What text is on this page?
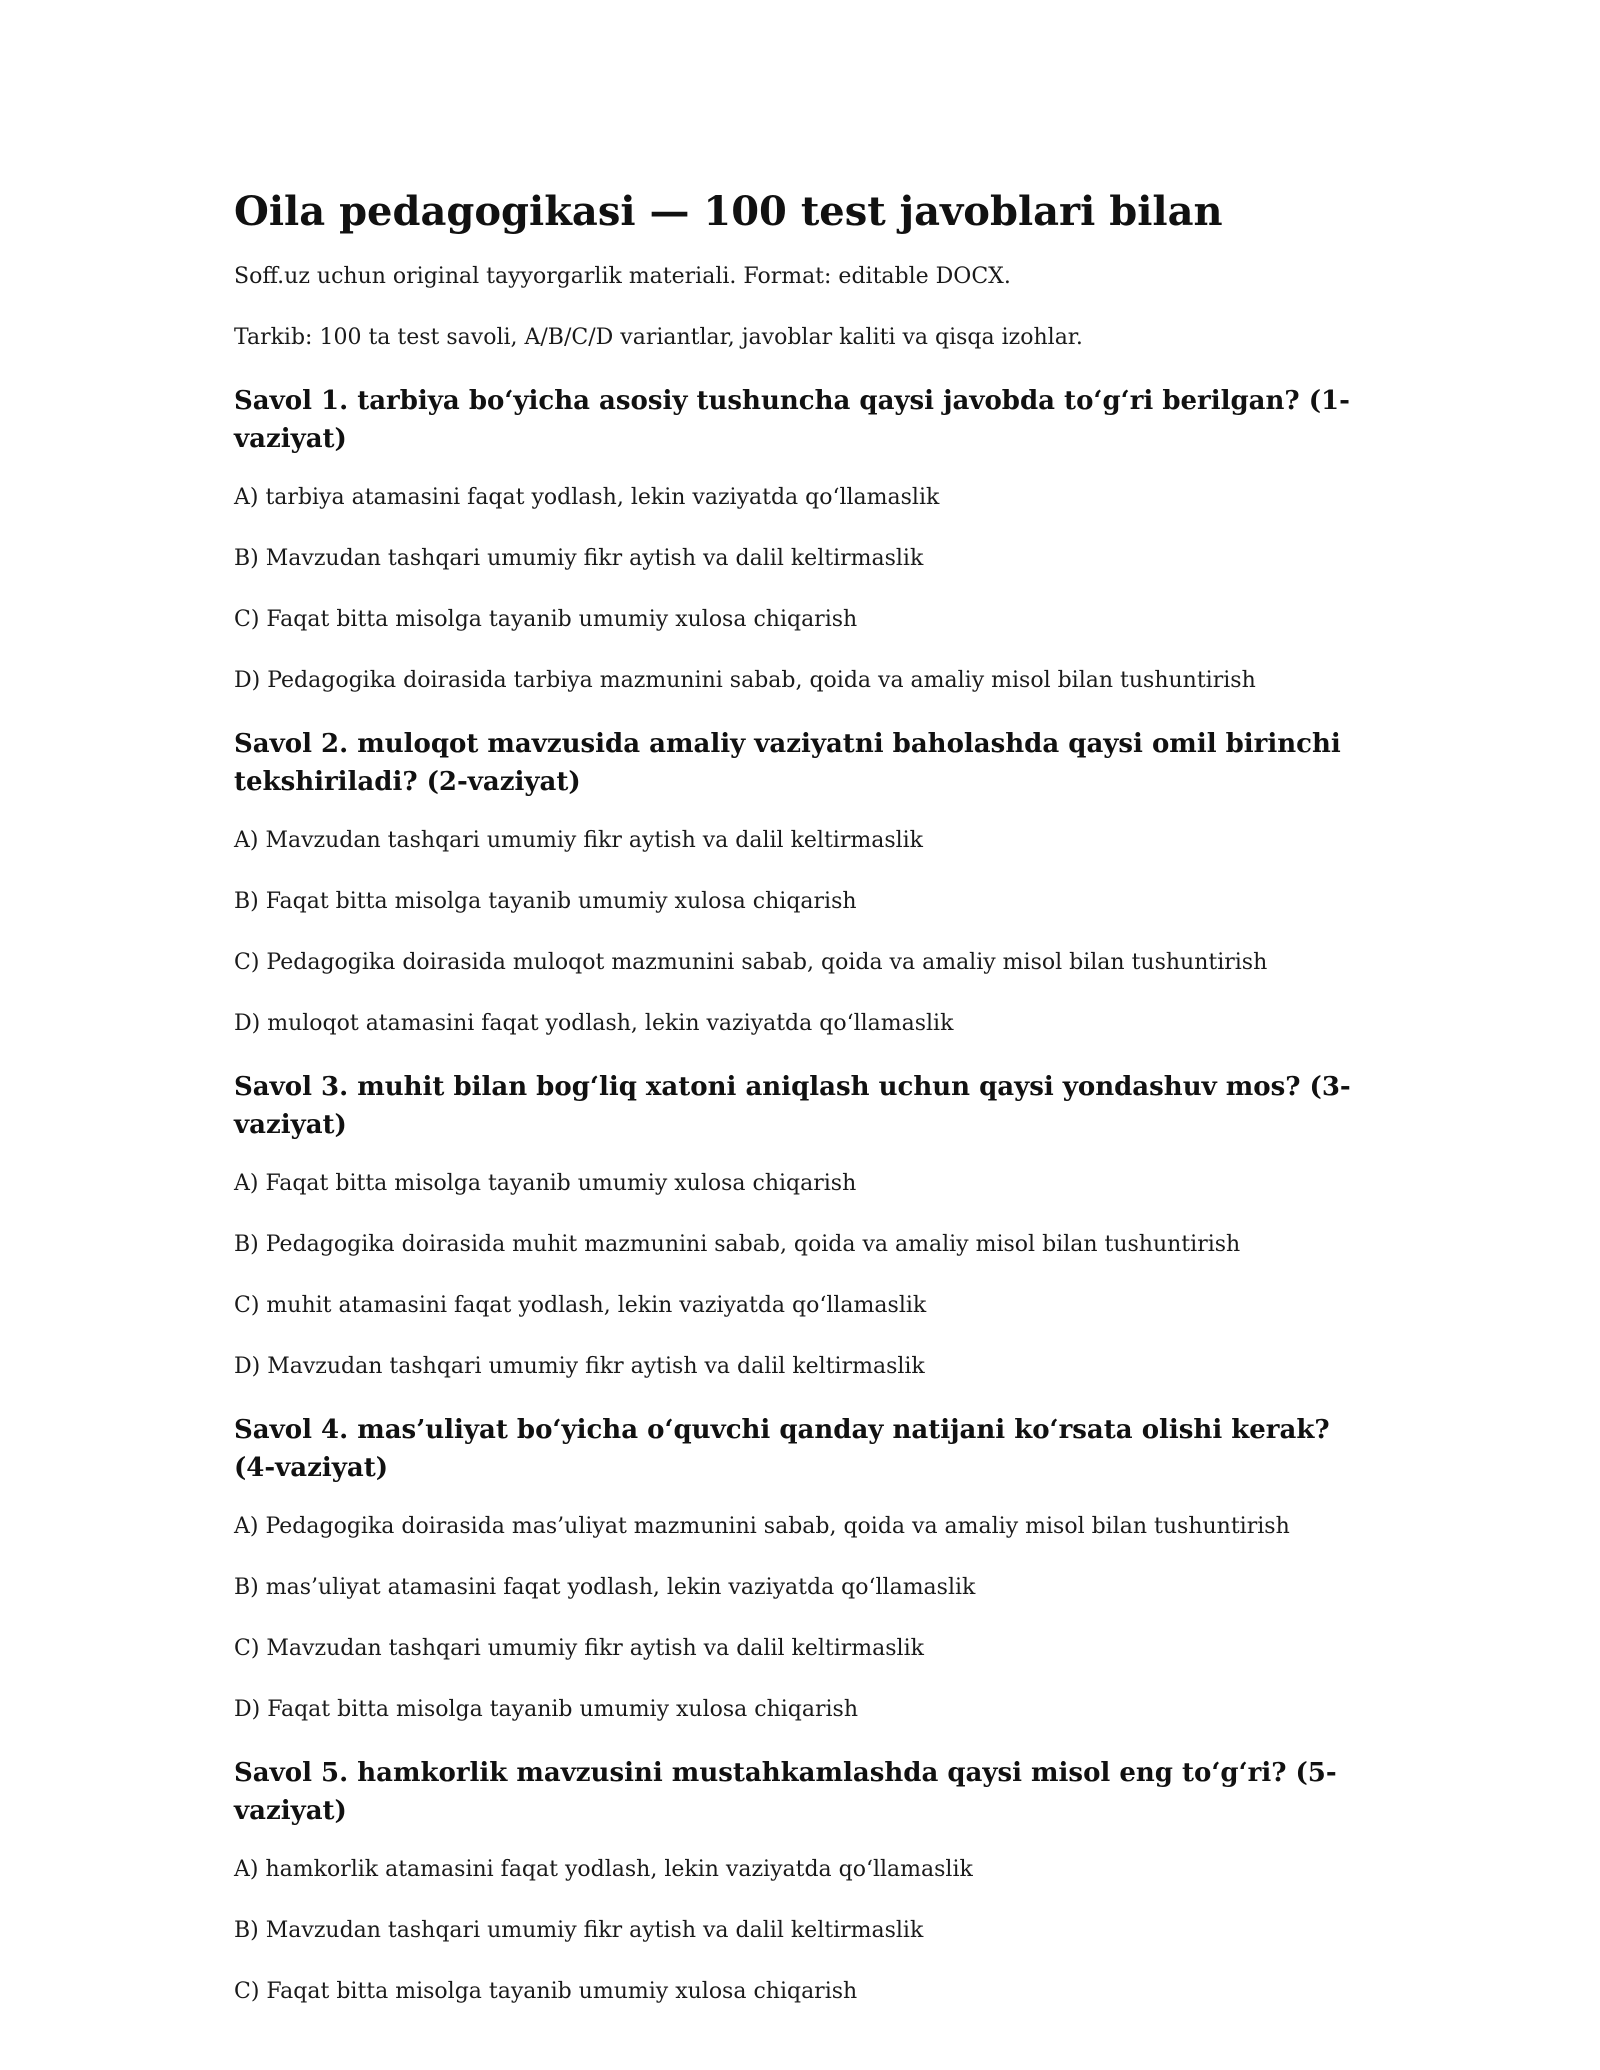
Oila pedagogikasi — 100 test javoblari bilan

Soff.uz uchun original tayyorgarlik materiali. Format: editable DOCX.

Tarkib: 100 ta test savoli, A/B/C/D variantlar, javoblar kaliti va qisqa izohlar.

Savol 1. tarbiya bo‘yicha asosiy tushuncha qaysi javobda to‘g‘ri berilgan? (1-vaziyat)

A) tarbiya atamasini faqat yodlash, lekin vaziyatda qo‘llamaslik

B) Mavzudan tashqari umumiy fikr aytish va dalil keltirmaslik

C) Faqat bitta misolga tayanib umumiy xulosa chiqarish

D) Pedagogika doirasida tarbiya mazmunini sabab, qoida va amaliy misol bilan tushuntirish

Savol 2. muloqot mavzusida amaliy vaziyatni baholashda qaysi omil birinchi tekshiriladi? (2-vaziyat)

A) Mavzudan tashqari umumiy fikr aytish va dalil keltirmaslik

B) Faqat bitta misolga tayanib umumiy xulosa chiqarish

C) Pedagogika doirasida muloqot mazmunini sabab, qoida va amaliy misol bilan tushuntirish

D) muloqot atamasini faqat yodlash, lekin vaziyatda qo‘llamaslik

Savol 3. muhit bilan bog‘liq xatoni aniqlash uchun qaysi yondashuv mos? (3-vaziyat)

A) Faqat bitta misolga tayanib umumiy xulosa chiqarish

B) Pedagogika doirasida muhit mazmunini sabab, qoida va amaliy misol bilan tushuntirish

C) muhit atamasini faqat yodlash, lekin vaziyatda qo‘llamaslik

D) Mavzudan tashqari umumiy fikr aytish va dalil keltirmaslik

Savol 4. mas’uliyat bo‘yicha o‘quvchi qanday natijani ko‘rsata olishi kerak? (4-vaziyat)

A) Pedagogika doirasida mas’uliyat mazmunini sabab, qoida va amaliy misol bilan tushuntirish

B) mas’uliyat atamasini faqat yodlash, lekin vaziyatda qo‘llamaslik

C) Mavzudan tashqari umumiy fikr aytish va dalil keltirmaslik

D) Faqat bitta misolga tayanib umumiy xulosa chiqarish

Savol 5. hamkorlik mavzusini mustahkamlashda qaysi misol eng to‘g‘ri? (5-vaziyat)

A) hamkorlik atamasini faqat yodlash, lekin vaziyatda qo‘llamaslik

B) Mavzudan tashqari umumiy fikr aytish va dalil keltirmaslik

C) Faqat bitta misolga tayanib umumiy xulosa chiqarish
